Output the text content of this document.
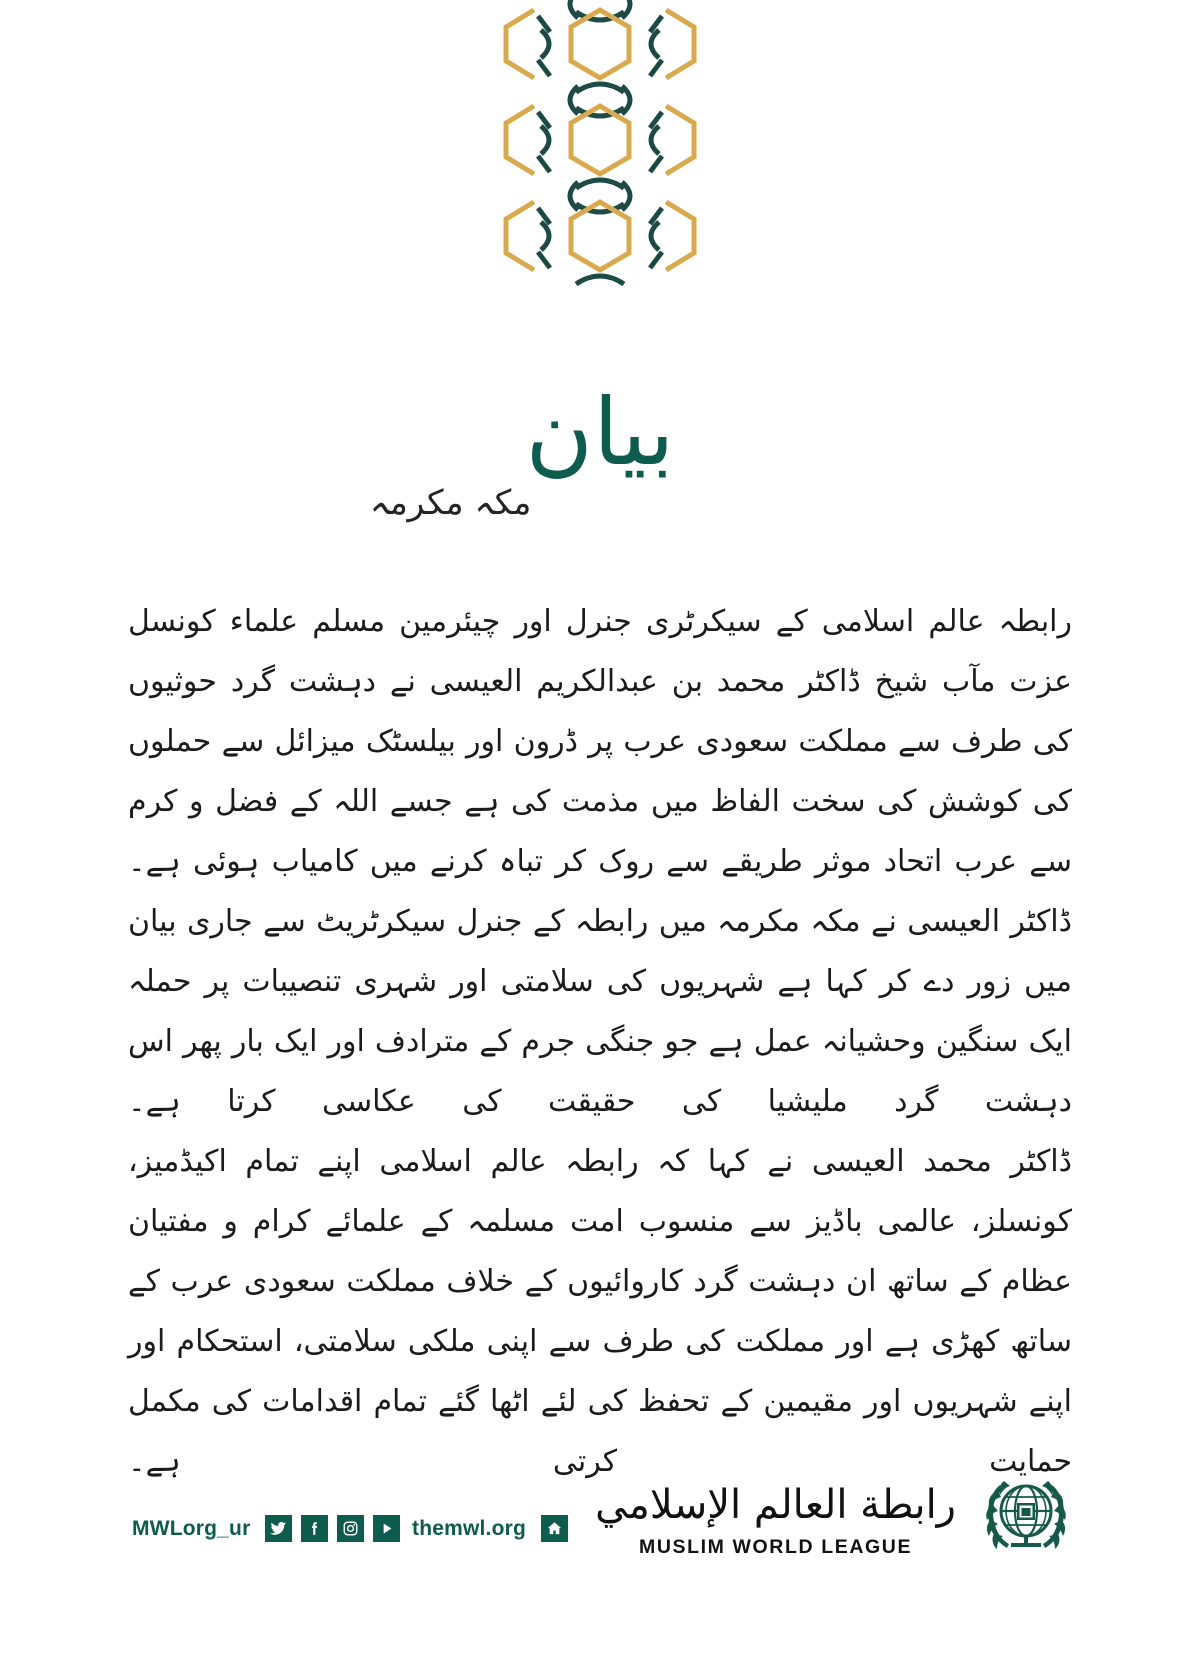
بیان
مکہ مکرمہ

رابطہ عالم اسلامی کے سیکرٹری جنرل اور چیئرمین مسلم علماء کونسل عزت مآب شیخ ڈاکٹر محمد بن عبدالکریم العیسی نے دہشت گرد حوثیوں کی طرف سے مملکت سعودی عرب پر ڈرون اور بیلسٹک میزائل سے حملوں کی کوشش کی سخت الفاظ میں مذمت کی ہے جسے اللہ کے فضل و کرم سے عرب اتحاد موثر طریقے سے روک کر تباہ کرنے میں کامیاب ہوئی ہے۔

ڈاکٹر العیسی نے مکہ مکرمہ میں رابطہ کے جنرل سیکرٹریٹ سے جاری بیان میں زور دے کر کہا ہے شہریوں کی سلامتی اور شہری تنصیبات پر حملہ ایک سنگین وحشیانہ عمل ہے جو جنگی جرم کے مترادف اور ایک بار پھر اس دہشت گرد ملیشیا کی حقیقت کی عکاسی کرتا ہے۔

ڈاکٹر محمد العیسی نے کہا کہ رابطہ عالم اسلامی اپنے تمام اکیڈمیز، کونسلز، عالمی باڈیز سے منسوب امت مسلمہ کے علمائے کرام و مفتیان عظام کے ساتھ ان دہشت گرد کاروائیوں کے خلاف مملکت سعودی عرب کے ساتھ کھڑی ہے اور مملکت کی طرف سے اپنی ملکی سلامتی، استحکام اور اپنے شہریوں اور مقیمین کے تحفظ کی لئے اٹھا گئے تمام اقدامات کی مکمل حمایت کرتی ہے۔

MWLorg_ur	themwl.org رابطة العالم الإسلامي
MUSLIM WORLD LEAGUE
